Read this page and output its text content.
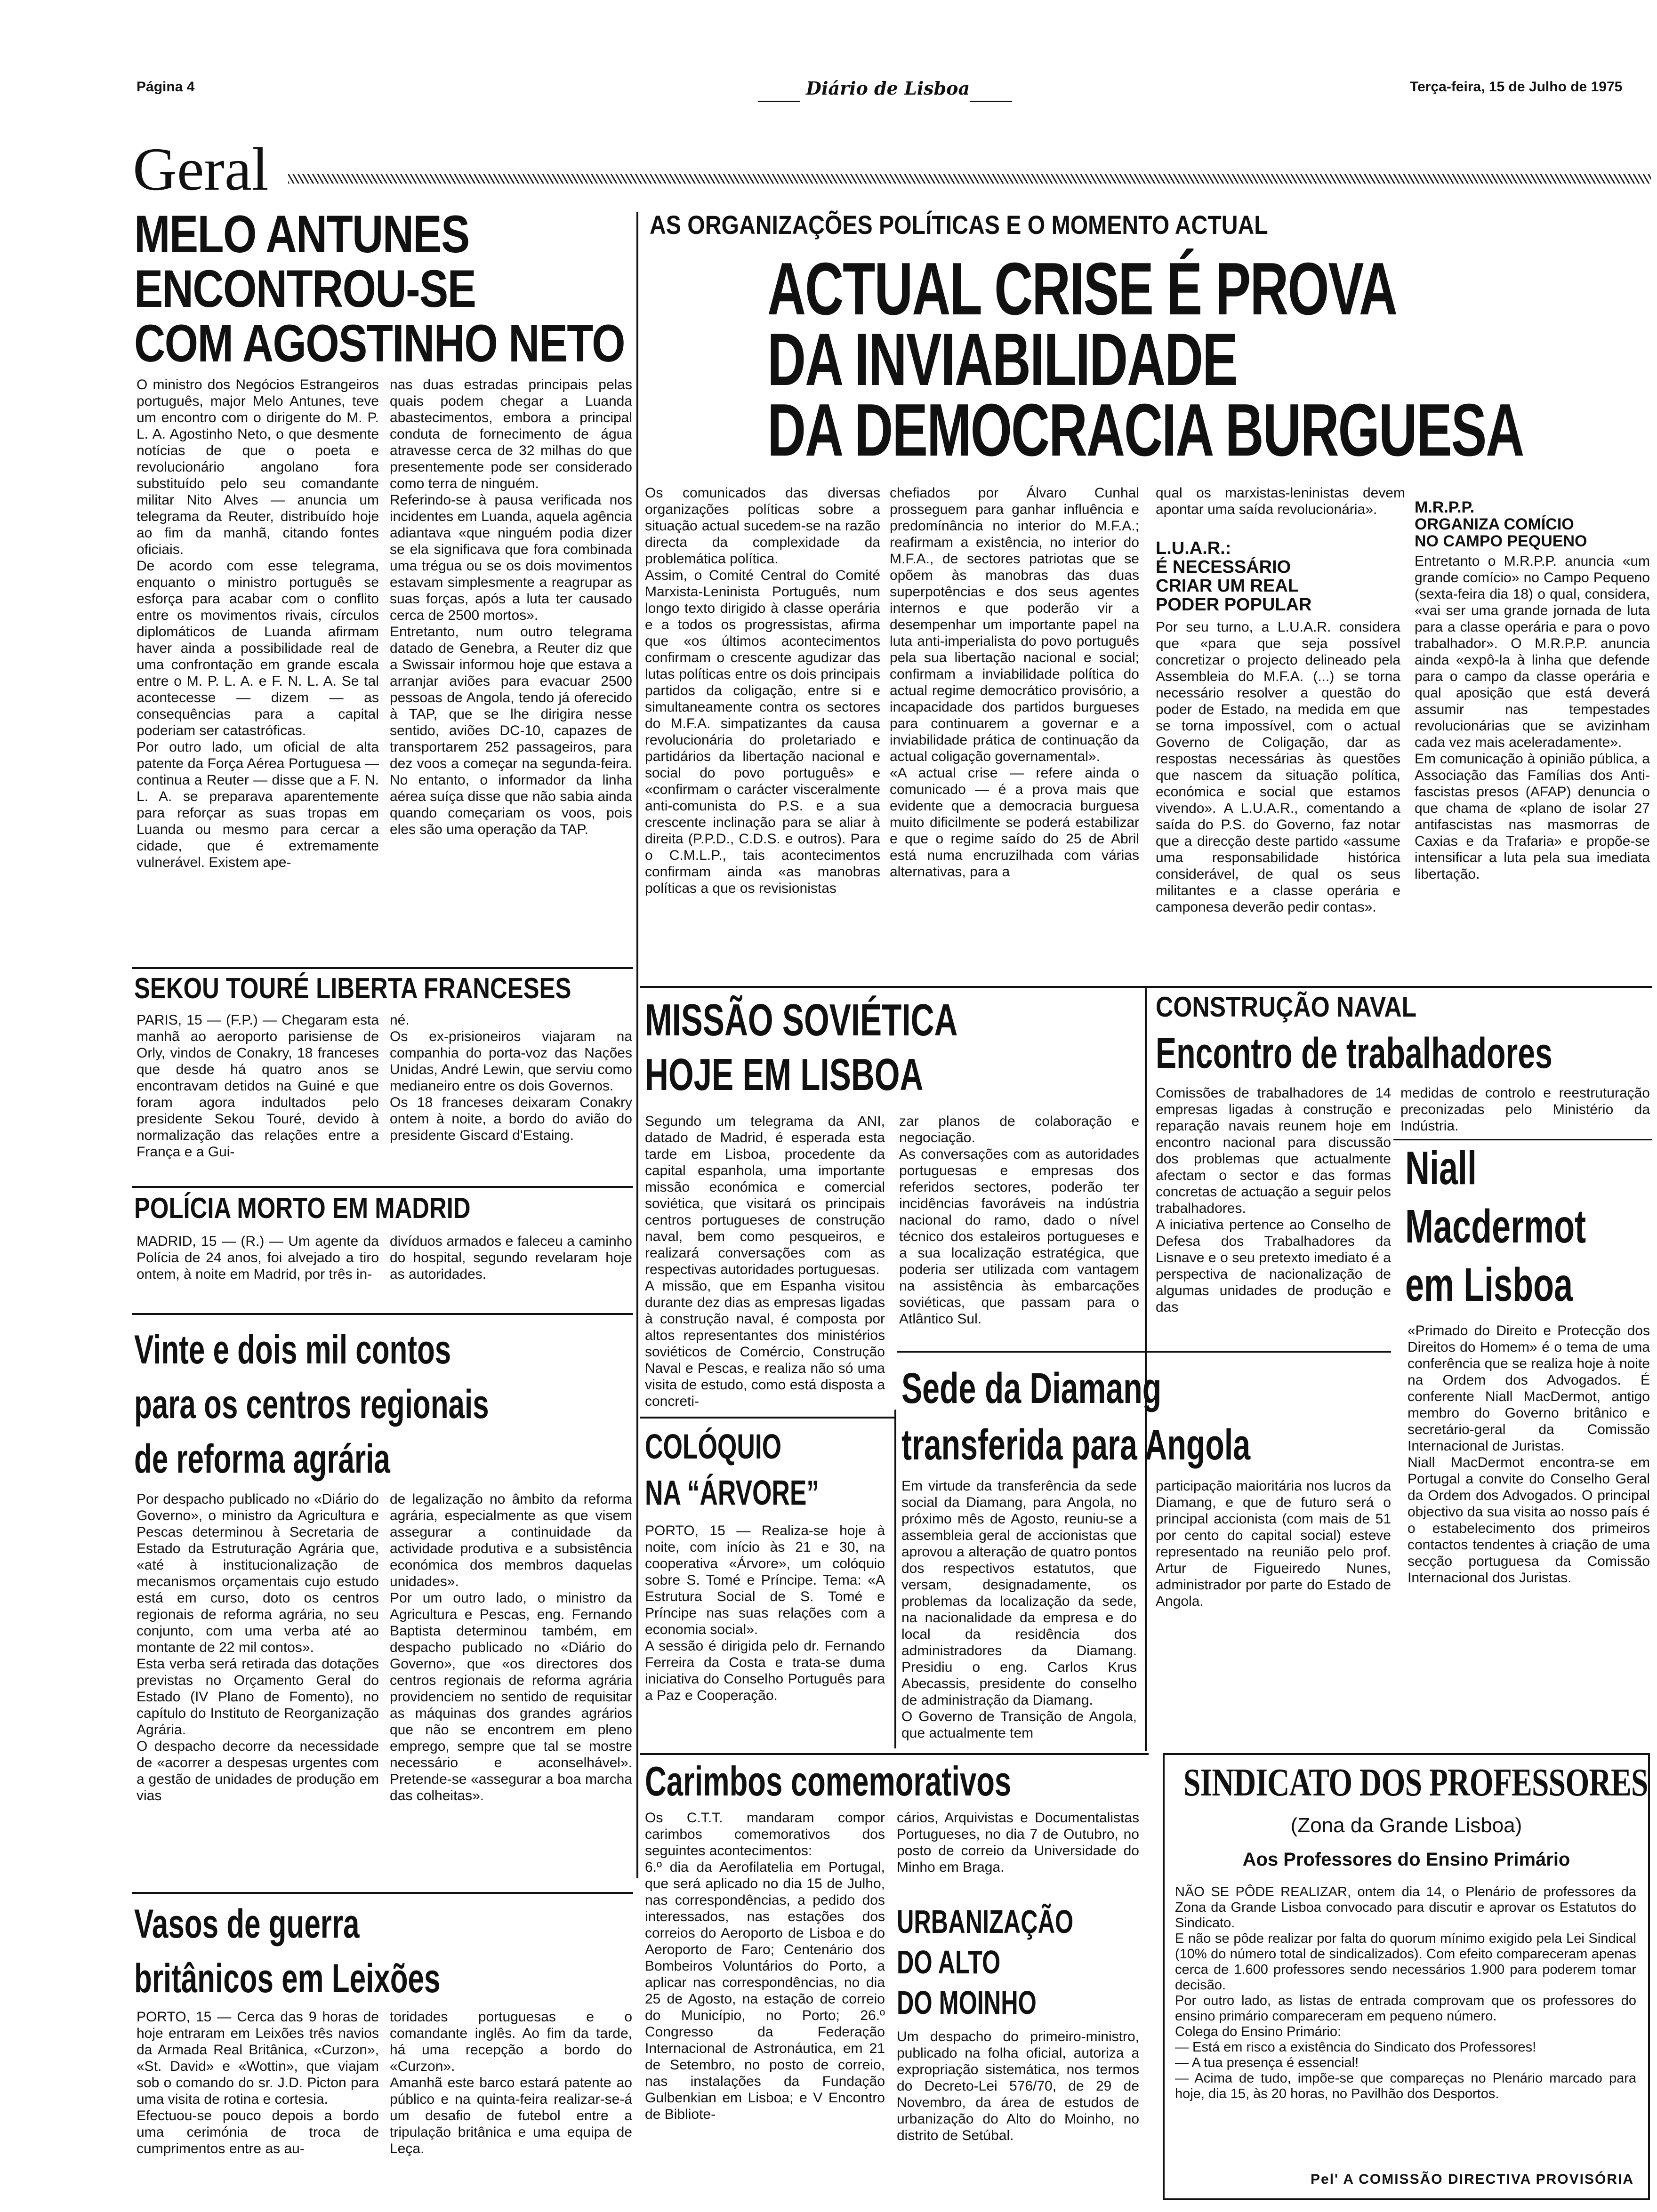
Página 4	Diário de Lisboa	Terça-feira, 15 de Julho de 1975
Geral
MELO ANTUNES
ENCONTROU-SE
COM AGOSTINHO NETO
O ministro dos Negócios Estrangeiros português, major Melo Antunes, teve um encontro com o dirigente do M. P. L. A. Agostinho Neto, o que desmente notícias de que o poeta e revolucionário angolano fora substituído pelo seu comandante militar Nito Alves — anuncia um telegrama da Reuter, distribuído hoje ao fim da manhã, citando fontes oficiais.
De acordo com esse telegrama, enquanto o ministro português se esforça para acabar com o conflito entre os movimentos rivais, círculos diplomáticos de Luanda afirmam haver ainda a possibilidade real de uma confrontação em grande escala entre o M. P. L. A. e F. N. L. A. Se tal acontecesse — dizem — as consequências para a capital poderiam ser catastróficas.
Por outro lado, um oficial de alta patente da Força Aérea Portuguesa — continua a Reuter — disse que a F. N. L. A. se preparava aparentemente para reforçar as suas tropas em Luanda ou mesmo para cercar a cidade, que é extremamente vulnerável. Existem ape-
nas duas estradas principais pelas quais podem chegar a Luanda abastecimentos, embora a principal conduta de fornecimento de água atravesse cerca de 32 milhas do que presentemente pode ser considerado como terra de ninguém.
Referindo-se à pausa verificada nos incidentes em Luanda, aquela agência adiantava «que ninguém podia dizer se ela significava que fora combinada uma trégua ou se os dois movimentos estavam simplesmente a reagrupar as suas forças, após a luta ter causado cerca de 2500 mortos».
Entretanto, num outro telegrama datado de Genebra, a Reuter diz que a Swissair informou hoje que estava a arranjar aviões para evacuar 2500 pessoas de Angola, tendo já oferecido à TAP, que se lhe dirigira nesse sentido, aviões DC-10, capazes de transportarem 252 passageiros, para dez voos a começar na segunda-feira. No entanto, o informador da linha aérea suíça disse que não sabia ainda quando começariam os voos, pois eles são uma operação da TAP.
SEKOU TOURÉ LIBERTA FRANCESES
PARIS, 15 — (F.P.) — Chegaram esta manhã ao aeroporto parisiense de Orly, vindos de Conakry, 18 franceses que desde há quatro anos se encontravam detidos na Guiné e que foram agora indultados pelo presidente Sekou Touré, devido à normalização das relações entre a França e a Gui-
né.
Os ex-prisioneiros viajaram na companhia do porta-voz das Nações Unidas, André Lewin, que serviu como medianeiro entre os dois Governos.
Os 18 franceses deixaram Conakry ontem à noite, a bordo do avião do presidente Giscard d'Estaing.
POLÍCIA MORTO EM MADRID
MADRID, 15 — (R.) — Um agente da Polícia de 24 anos, foi alvejado a tiro ontem, à noite em Madrid, por três in-
divíduos armados e faleceu a caminho do hospital, segundo revelaram hoje as autoridades.
Vinte e dois mil contos
para os centros regionais
de reforma agrária
Por despacho publicado no «Diário do Governo», o ministro da Agricultura e Pescas determinou à Secretaria de Estado da Estruturação Agrária que, «até à institucionalização de mecanismos orçamentais cujo estudo está em curso, doto os centros regionais de reforma agrária, no seu conjunto, com uma verba até ao montante de 22 mil contos».
Esta verba será retirada das dotações previstas no Orçamento Geral do Estado (IV Plano de Fomento), no capítulo do Instituto de Reorganização Agrária.
O despacho decorre da necessidade de «acorrer a despesas urgentes com a gestão de unidades de produção em vias
de legalização no âmbito da reforma agrária, especialmente as que visem assegurar a continuidade da actividade produtiva e a subsistência económica dos membros daquelas unidades».
Por um outro lado, o ministro da Agricultura e Pescas, eng. Fernando Baptista determinou também, em despacho publicado no «Diário do Governo», que «os directores dos centros regionais de reforma agrária providenciem no sentido de requisitar as máquinas dos grandes agrários que não se encontrem em pleno emprego, sempre que tal se mostre necessário e aconselhável». Pretende-se «assegurar a boa marcha das colheitas».
Vasos de guerra
britânicos em Leixões
PORTO, 15 — Cerca das 9 horas de hoje entraram em Leixões três navios da Armada Real Britânica, «Curzon», «St. David» e «Wottin», que viajam sob o comando do sr. J.D. Picton para uma visita de rotina e cortesia.
Efectuou-se pouco depois a bordo uma cerimónia de troca de cumprimentos entre as au-
toridades portuguesas e o comandante inglês. Ao fim da tarde, há uma recepção a bordo do «Curzon».
Amanhã este barco estará patente ao público e na quinta-feira realizar-se-á um desafio de futebol entre a tripulação britânica e uma equipa de Leça.
AS ORGANIZAÇÕES POLÍTICAS E O MOMENTO ACTUAL
ACTUAL CRISE É PROVA
DA INVIABILIDADE
DA DEMOCRACIA BURGUESA
Os comunicados das diversas organizações políticas sobre a situação actual sucedem-se na razão directa da complexidade da problemática política.
Assim, o Comité Central do Comité Marxista-Leninista Português, num longo texto dirigido à classe operária e a todos os progressistas, afirma que «os últimos acontecimentos confirmam o crescente agudizar das lutas políticas entre os dois principais partidos da coligação, entre si e simultaneamente contra os sectores do M.F.A. simpatizantes da causa revolucionária do proletariado e partidários da libertação nacional e social do povo português» e «confirmam o carácter visceralmente anti-comunista do P.S. e a sua crescente inclinação para se aliar à direita (P.P.D., C.D.S. e outros). Para o C.M.L.P., tais acontecimentos confirmam ainda «as manobras políticas a que os revisionistas
chefiados por Álvaro Cunhal prosseguem para ganhar influência e predomínância no interior do M.F.A.; reafirmam a existência, no interior do M.F.A., de sectores patriotas que se opõem às manobras das duas superpotências e dos seus agentes internos e que poderão vir a desempenhar um importante papel na luta anti-imperialista do povo português pela sua libertação nacional e social; confirmam a inviabilidade política do actual regime democrático provisório, a incapacidade dos partidos burgueses para continuarem a governar e a inviabilidade prática de continuação da actual coligação governamental».
«A actual crise — refere ainda o comunicado — é a prova mais que evidente que a democracia burguesa muito dificilmente se poderá estabilizar e que o regime saído do 25 de Abril está numa encruzilhada com várias alternativas, para a
qual os marxistas-leninistas devem apontar uma saída revolucionária».
L.U.A.R.:
É NECESSÁRIO
CRIAR UM REAL
PODER POPULAR
Por seu turno, a L.U.A.R. considera que «para que seja possível concretizar o projecto delineado pela Assembleia do M.F.A. (...) se torna necessário resolver a questão do poder de Estado, na medida em que se torna impossível, com o actual Governo de Coligação, dar as respostas necessárias às questões que nascem da situação política, económica e social que estamos vivendo». A L.U.A.R., comentando a saída do P.S. do Governo, faz notar que a direcção deste partido «assume uma responsabilidade histórica considerável, de qual os seus militantes e a classe operária e camponesa deverão pedir contas».
M.R.P.P.
ORGANIZA COMÍCIO
NO CAMPO PEQUENO
Entretanto o M.R.P.P. anuncia «um grande comício» no Campo Pequeno (sexta-feira dia 18) o qual, considera, «vai ser uma grande jornada de luta para a classe operária e para o povo trabalhador». O M.R.P.P. anuncia ainda «expô-la à linha que defende para o campo da classe operária e qual aposição que está deverá assumir nas tempestades revolucionárias que se avizinham cada vez mais aceleradamente».
Em comunicação à opinião pública, a Associação das Famílias dos Anti-fascistas presos (AFAP) denuncia o que chama de «plano de isolar 27 antifascistas nas masmorras de Caxias e da Trafaria» e propõe-se intensificar a luta pela sua imediata libertação.
MISSÃO SOVIÉTICA
HOJE EM LISBOA
Segundo um telegrama da ANI, datado de Madrid, é esperada esta tarde em Lisboa, procedente da capital espanhola, uma importante missão económica e comercial soviética, que visitará os principais centros portugueses de construção naval, bem como pesqueiros, e realizará conversações com as respectivas autoridades portuguesas.
A missão, que em Espanha visitou durante dez dias as empresas ligadas à construção naval, é composta por altos representantes dos ministérios soviéticos de Comércio, Construção Naval e Pescas, e realiza não só uma visita de estudo, como está disposta a concreti-
zar planos de colaboração e negociação.
As conversações com as autoridades portuguesas e empresas dos referidos sectores, poderão ter incidências favoráveis na indústria nacional do ramo, dado o nível técnico dos estaleiros portugueses e a sua localização estratégica, que poderia ser utilizada com vantagem na assistência às embarcações soviéticas, que passam para o Atlântico Sul.
CONSTRUÇÃO NAVAL
Encontro de trabalhadores
Comissões de trabalhadores de 14 empresas ligadas à construção e reparação navais reunem hoje em encontro nacional para discussão dos problemas que actualmente afectam o sector e das formas concretas de actuação a seguir pelos trabalhadores.
A iniciativa pertence ao Conselho de Defesa dos Trabalhadores da Lisnave e o seu pretexto imediato é a perspectiva de nacionalização de algumas unidades de produção e das
medidas de controlo e reestruturação preconizadas pelo Ministério da Indústria.
Niall
Macdermot
em Lisboa
«Primado do Direito e Protecção dos Direitos do Homem» é o tema de uma conferência que se realiza hoje à noite na Ordem dos Advogados. É conferente Niall MacDermot, antigo membro do Governo britânico e secretário-geral da Comissão Internacional de Juristas.
Niall MacDermot encontra-se em Portugal a convite do Conselho Geral da Ordem dos Advogados. O principal objectivo da sua visita ao nosso país é o estabelecimento dos primeiros contactos tendentes à criação de uma secção portuguesa da Comissão Internacional dos Juristas.
Sede da Diamang
transferida para Angola
Em virtude da transferência da sede social da Diamang, para Angola, no próximo mês de Agosto, reuniu-se a assembleia geral de accionistas que aprovou a alteração de quatro pontos dos respectivos estatutos, que versam, designadamente, os problemas da localização da sede, na nacionalidade da empresa e do local da residência dos administradores da Diamang. Presidiu o eng. Carlos Krus Abecassis, presidente do conselho de administração da Diamang.
O Governo de Transição de Angola, que actualmente tem
participação maioritária nos lucros da Diamang, e que de futuro será o principal accionista (com mais de 51 por cento do capital social) esteve representado na reunião pelo prof. Artur de Figueiredo Nunes, administrador por parte do Estado de Angola.
COLÓQUIO
NA “ÁRVORE”
PORTO, 15 — Realiza-se hoje à noite, com início às 21 e 30, na cooperativa «Árvore», um colóquio sobre S. Tomé e Príncipe. Tema: «A Estrutura Social de S. Tomé e Príncipe nas suas relações com a economia social».
A sessão é dirigida pelo dr. Fernando Ferreira da Costa e trata-se duma iniciativa do Conselho Português para a Paz e Cooperação.
Carimbos comemorativos
Os C.T.T. mandaram compor carimbos comemorativos dos seguintes acontecimentos:
6.º dia da Aerofilatelia em Portugal, que será aplicado no dia 15 de Julho, nas correspondências, a pedido dos interessados, nas estações dos correios do Aeroporto de Lisboa e do Aeroporto de Faro; Centenário dos Bombeiros Voluntários do Porto, a aplicar nas correspondências, no dia 25 de Agosto, na estação de correio do Município, no Porto; 26.º Congresso da Federação Internacional de Astronáutica, em 21 de Setembro, no posto de correio, nas instalações da Fundação Gulbenkian em Lisboa; e V Encontro de Bibliote-
cários, Arquivistas e Documentalistas Portugueses, no dia 7 de Outubro, no posto de correio da Universidade do Minho em Braga.
URBANIZAÇÃO
DO ALTO
DO MOINHO
Um despacho do primeiro-ministro, publicado na folha oficial, autoriza a expropriação sistemática, nos termos do Decreto-Lei 576/70, de 29 de Novembro, da área de estudos de urbanização do Alto do Moinho, no distrito de Setúbal.
SINDICATO DOS PROFESSORES
(Zona da Grande Lisboa)
Aos Professores do Ensino Primário
NÃO SE PÔDE REALIZAR, ontem dia 14, o Plenário de professores da Zona da Grande Lisboa convocado para discutir e aprovar os Estatutos do Sindicato.
E não se pôde realizar por falta do quorum mínimo exigido pela Lei Sindical (10% do número total de sindicalizados). Com efeito compareceram apenas cerca de 1.600 professores sendo necessários 1.900 para poderem tomar decisão.
Por outro lado, as listas de entrada comprovam que os professores do ensino primário compareceram em pequeno número.
Colega do Ensino Primário:
— Está em risco a existência do Sindicato dos Professores!
— A tua presença é essencial!
— Acima de tudo, impõe-se que compareças no Plenário marcado para hoje, dia 15, às 20 horas, no Pavilhão dos Desportos.
Pel' A COMISSÃO DIRECTIVA PROVISÓRIA
